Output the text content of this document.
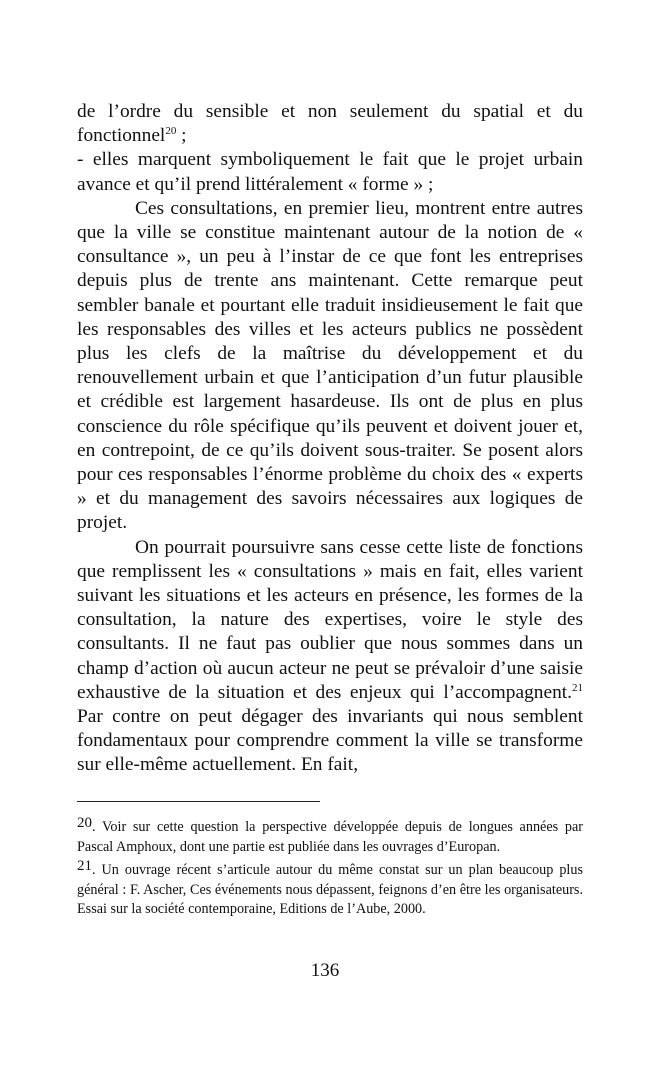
de l’ordre du sensible et non seulement du spatial et du fonctionnel$^{20}$ ;

- elles marquent symboliquement le fait que le projet urbain avance et qu’il prend littéralement « forme » ;

Ces consultations, en premier lieu, montrent entre autres que la ville se constitue maintenant autour de la notion de « consultance », un peu à l’instar de ce que font les entreprises depuis plus de trente ans maintenant. Cette remarque peut sembler banale et pourtant elle traduit insidieusement le fait que les responsables des villes et les acteurs publics ne possèdent plus les clefs de la maîtrise du développement et du renouvellement urbain et que l’anticipation d’un futur plausible et crédible est largement hasardeuse. Ils ont de plus en plus conscience du rôle spécifique qu’ils peuvent et doivent jouer et, en contrepoint, de ce qu’ils doivent sous-traiter. Se posent alors pour ces responsables l’énorme problème du choix des « experts » et du management des savoirs nécessaires aux logiques de projet.

On pourrait poursuivre sans cesse cette liste de fonctions que remplissent les « consultations » mais en fait, elles varient suivant les situations et les acteurs en présence, les formes de la consultation, la nature des expertises, voire le style des consultants. Il ne faut pas oublier que nous sommes dans un champ d’action où aucun acteur ne peut se prévaloir d’une saisie exhaustive de la situation et des enjeux qui l’accompagnent.$^{21}$ Par contre on peut dégager des invariants qui nous semblent fondamentaux pour comprendre comment la ville se transforme sur elle-même actuellement. En fait,

20. Voir sur cette question la perspective développée depuis de longues années par Pascal Amphoux, dont une partie est publiée dans les ouvrages d’Europan.

21. Un ouvrage récent s’articule autour du même constat sur un plan beaucoup plus général : F. Ascher, Ces événements nous dépassent, feignons d’en être les organisateurs. Essai sur la société contemporaine, Editions de l’Aube, 2000.

136
